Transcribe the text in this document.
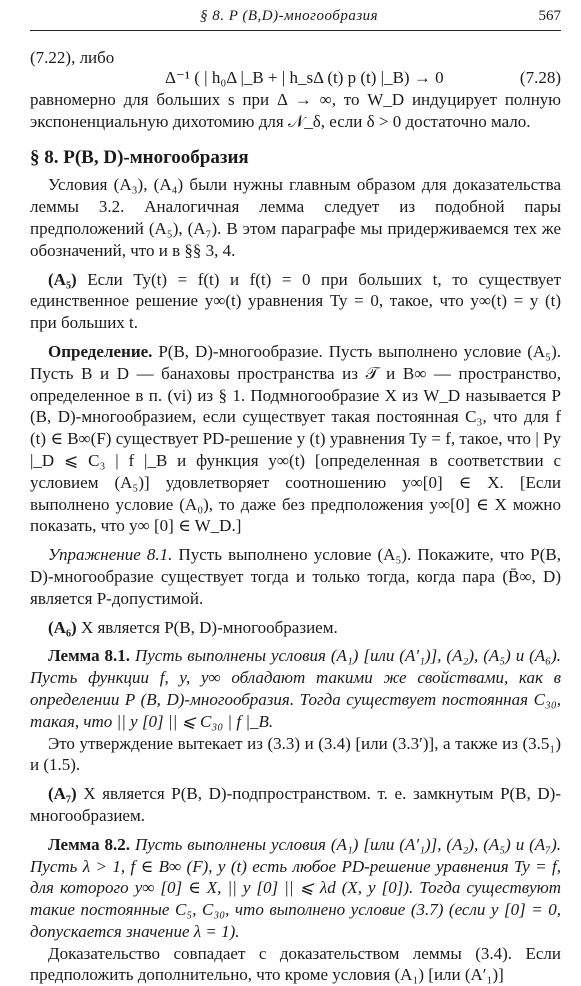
§ 8. P (B,D)-многообразия	567
(7.22), либо
Δ⁻¹ ( | h₀Δ |_B + | h_sΔ (t) p (t) |_B) → 0	(7.28)

равномерно для больших s при Δ → ∞, то W_D индуцирует полную экспоненциальную дихотомию для 𝒩_δ, если δ > 0 достаточно мало.

§ 8. P(B, D)-многообразия

Условия (A₃), (A₄) были нужны главным образом для доказательства леммы 3.2. Аналогичная лемма следует из подобной пары предположений (A₅), (A₇). В этом параграфе мы придерживаемся тех же обозначений, что и в §§ 3, 4.

(A₅) Если Ty(t) = f(t) и f(t) = 0 при больших t, то существует единственное решение y∞(t) уравнения Ty = 0, такое, что y∞(t) = y (t) при больших t.

Определение. P(B, D)-многообразие. Пусть выполнено условие (A₅). Пусть B и D — банаховы пространства из 𝒯 и B∞ — пространство, определенное в п. (vi) из § 1. Подмногообразие X из W_D называется P (B, D)-многообразием, если существует такая постоянная C₃, что для f (t) ∈ B∞(F) существует PD-решение y (t) уравнения Ty = f, такое, что | Py |_D ⩽ C₃ | f |_B и функция y∞(t) [определенная в соответствии с условием (A₅)] удовлетворяет соотношению y∞[0] ∈ X. [Если выполнено условие (A₀), то даже без предположения y∞[0] ∈ X можно показать, что y∞ [0] ∈ W_D.]

Упражнение 8.1. Пусть выполнено условие (A₅). Покажите, что P(B, D)-многообразие существует тогда и только тогда, когда пара (B̄∞, D) является P-допустимой.

(A₆) X является P(B, D)-многообразием.

Лемма 8.1. Пусть выполнены условия (A₁) [или (A′₁)], (A₂), (A₅) и (A₆). Пусть функции f, y, y∞ обладают такими же свойствами, как в определении P (B, D)-многообразия. Тогда существует постоянная C₃₀, такая, что || y [0] || ⩽ C₃₀ | f |_B.

Это утверждение вытекает из (3.3) и (3.4) [или (3.3′)], а также из (3.5₁) и (1.5).

(A₇) X является P(B, D)-подпространством. т. е. замкнутым P(B, D)-многообразием.

Лемма 8.2. Пусть выполнены условия (A₁) [или (A′₁)], (A₂), (A₅) и (A₇). Пусть λ > 1, f ∈ B∞ (F), y (t) есть любое PD-решение уравнения Ty = f, для которого y∞ [0] ∈ X, || y [0] || ⩽ λd (X, y [0]). Тогда существуют такие постоянные C₅, C₃₀, что выполнено условие (3.7) (если y [0] = 0, допускается значение λ = 1).

Доказательство совпадает с доказательством леммы (3.4). Если предположить дополнительно, что кроме условия (A₁) [или (A′₁)]
